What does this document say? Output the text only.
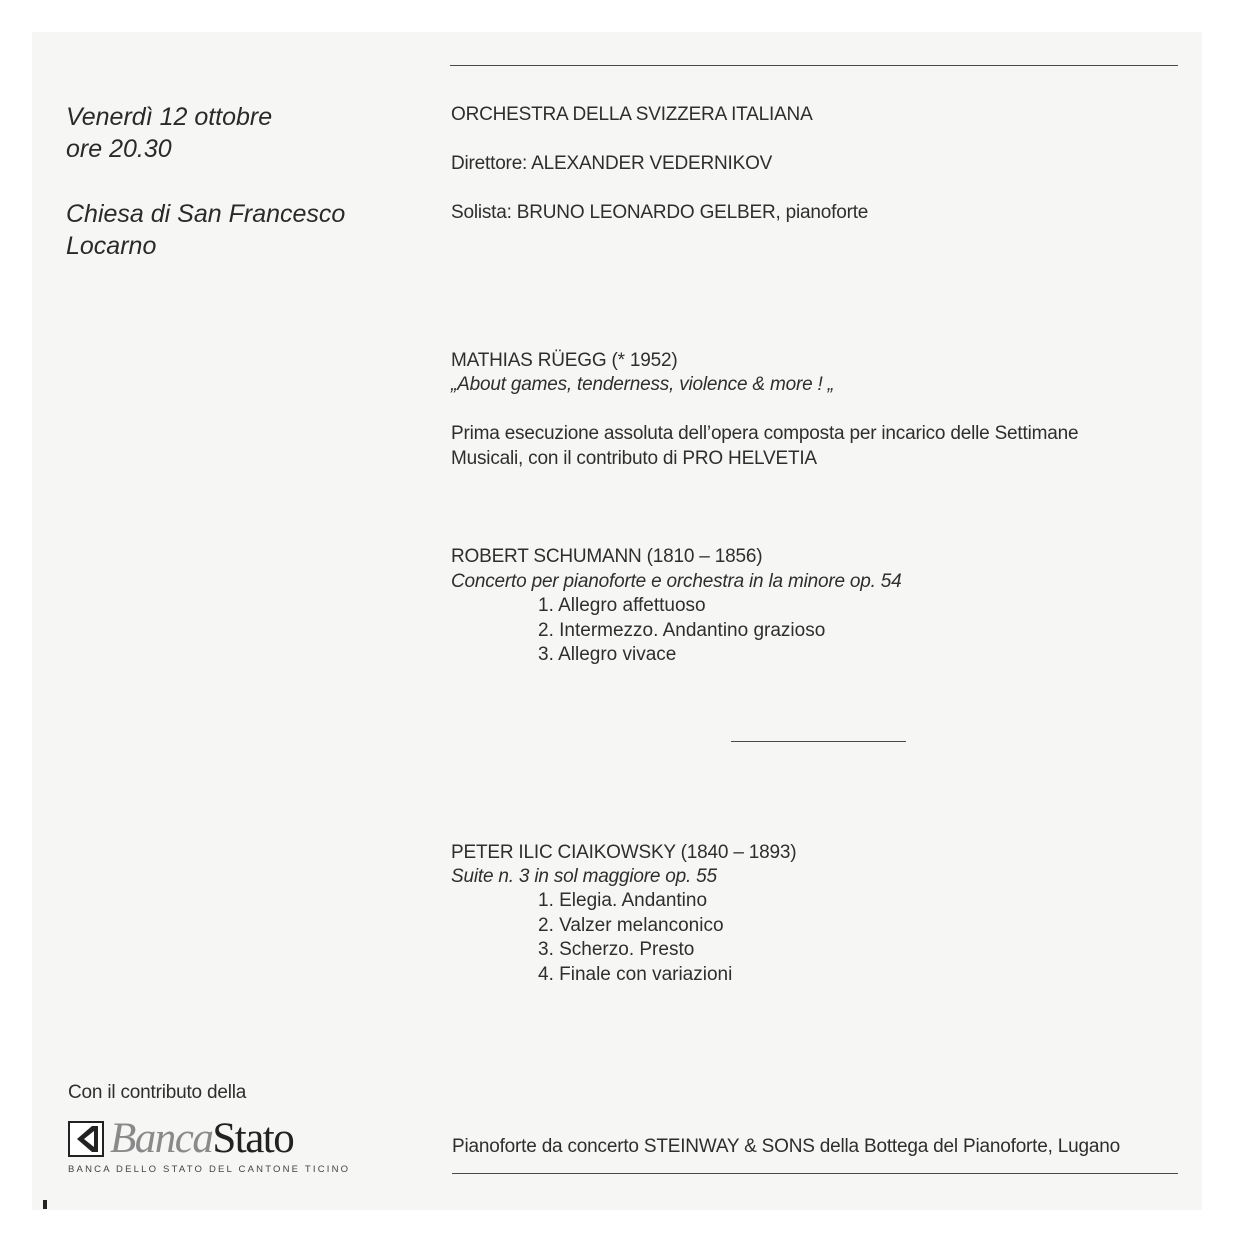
Venerdì 12 ottobre
ore 20.30
Chiesa di San Francesco
Locarno
ORCHESTRA DELLA SVIZZERA ITALIANA
Direttore: ALEXANDER VEDERNIKOV
Solista: BRUNO LEONARDO GELBER, pianoforte
MATHIAS RÜEGG (* 1952)
„About games, tenderness, violence & more ! „
Prima esecuzione assoluta dell’opera composta per incarico delle Settimane
Musicali, con il contributo di PRO HELVETIA
ROBERT SCHUMANN (1810 – 1856)
Concerto per pianoforte e orchestra in la minore op. 54
1. Allegro affettuoso
2. Intermezzo. Andantino grazioso
3. Allegro vivace
PETER ILIC CIAIKOWSKY (1840 – 1893)
Suite n. 3 in sol maggiore op. 55
1. Elegia. Andantino
2. Valzer melanconico
3. Scherzo. Presto
4. Finale con variazioni
Con il contributo della
BancaStato
BANCA DELLO STATO DEL CANTONE TICINO
Pianoforte da concerto STEINWAY & SONS della Bottega del Pianoforte, Lugano
